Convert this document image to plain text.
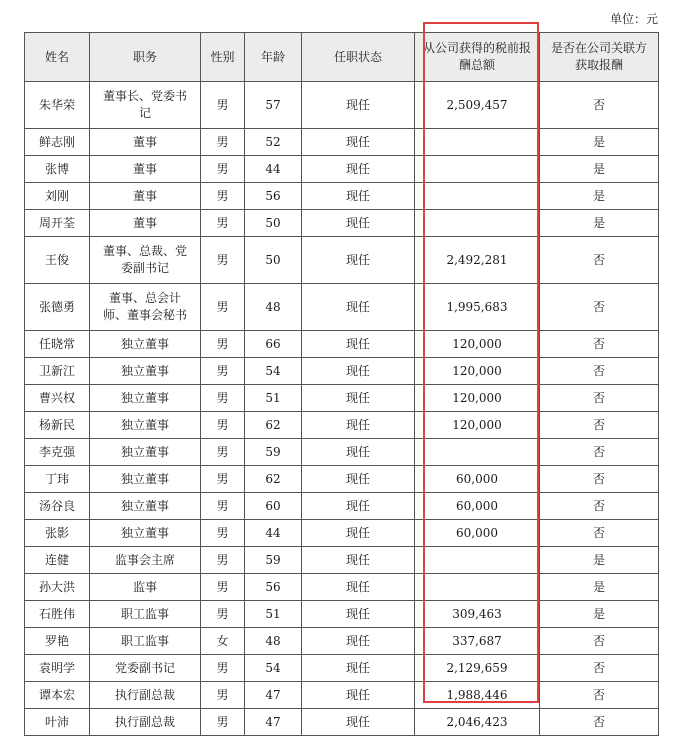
单位：元
姓名	职务	性别	年龄	任职状态	从公司获得的税前报酬总额	是否在公司关联方获取报酬
朱华荣	董事长、党委书记	男	57	现任	2,509,457	否
鲜志刚	董事	男	52	现任		是
张博	董事	男	44	现任		是
刘刚	董事	男	56	现任		是
周开荃	董事	男	50	现任		是
王俊	董事、总裁、党委副书记	男	50	现任	2,492,281	否
张德勇	董事、总会计师、董事会秘书	男	48	现任	1,995,683	否
任晓常	独立董事	男	66	现任	120,000	否
卫新江	独立董事	男	54	现任	120,000	否
曹兴权	独立董事	男	51	现任	120,000	否
杨新民	独立董事	男	62	现任	120,000	否
李克强	独立董事	男	59	现任		否
丁玮	独立董事	男	62	现任	60,000	否
汤谷良	独立董事	男	60	现任	60,000	否
张影	独立董事	男	44	现任	60,000	否
连健	监事会主席	男	59	现任		是
孙大洪	监事	男	56	现任		是
石胜伟	职工监事	男	51	现任	309,463	是
罗艳	职工监事	女	48	现任	337,687	否
袁明学	党委副书记	男	54	现任	2,129,659	否
谭本宏	执行副总裁	男	47	现任	1,988,446	否
叶沛	执行副总裁	男	47	现任	2,046,423	否
